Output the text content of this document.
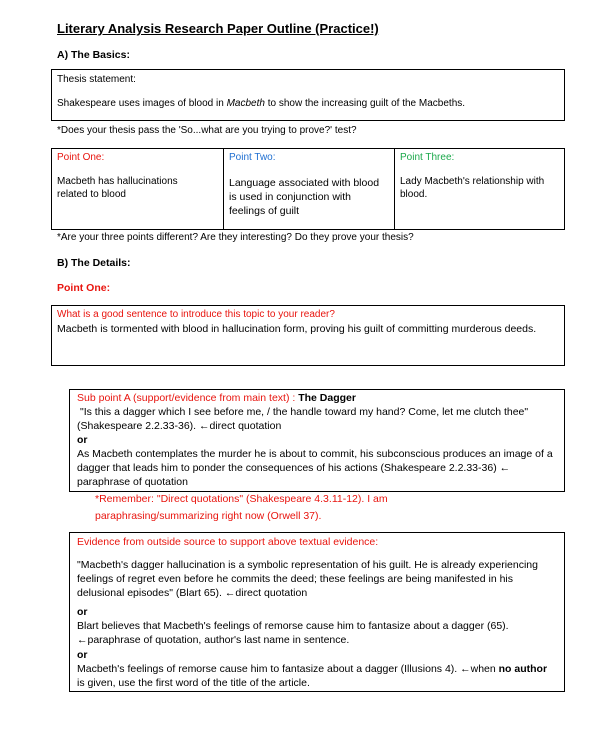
Literary Analysis Research Paper Outline (Practice!)
A) The Basics:
Thesis statement:
Shakespeare uses images of blood in Macbeth to show the increasing guilt of the Macbeths.
*Does your thesis pass the 'So...what are you trying to prove?' test?
Point One:
Macbeth has hallucinations related to blood
Point Two:
Language associated with blood is used in conjunction with feelings of guilt
Point Three:
Lady Macbeth's relationship with blood.
*Are your three points different? Are they interesting? Do they prove your thesis?
B) The Details:
Point One:
What is a good sentence to introduce this topic to your reader?
Macbeth is tormented with blood in hallucination form, proving his guilt of committing murderous deeds.
Sub point A (support/evidence from main text) : The Dagger
"Is this a dagger which I see before me, / the handle toward my hand? Come, let me clutch thee" (Shakespeare 2.2.33-36). ←direct quotation
or
As Macbeth contemplates the murder he is about to commit, his subconscious produces an image of a dagger that leads him to ponder the consequences of his actions (Shakespeare 2.2.33-36) ← paraphrase of quotation
*Remember: "Direct quotations" (Shakespeare 4.3.11-12). I am
paraphrasing/summarizing right now (Orwell 37).
Evidence from outside source to support above textual evidence:
"Macbeth's dagger hallucination is a symbolic representation of his guilt. He is already experiencing feelings of regret even before he commits the deed; these feelings are being manifested in his delusional episodes" (Blart 65). ←direct quotation
or
Blart believes that Macbeth's feelings of remorse cause him to fantasize about a dagger (65). ←paraphrase of quotation, author's last name in sentence.
or
Macbeth's feelings of remorse cause him to fantasize about a dagger (Illusions 4). ←when no author is given, use the first word of the title of the article.
